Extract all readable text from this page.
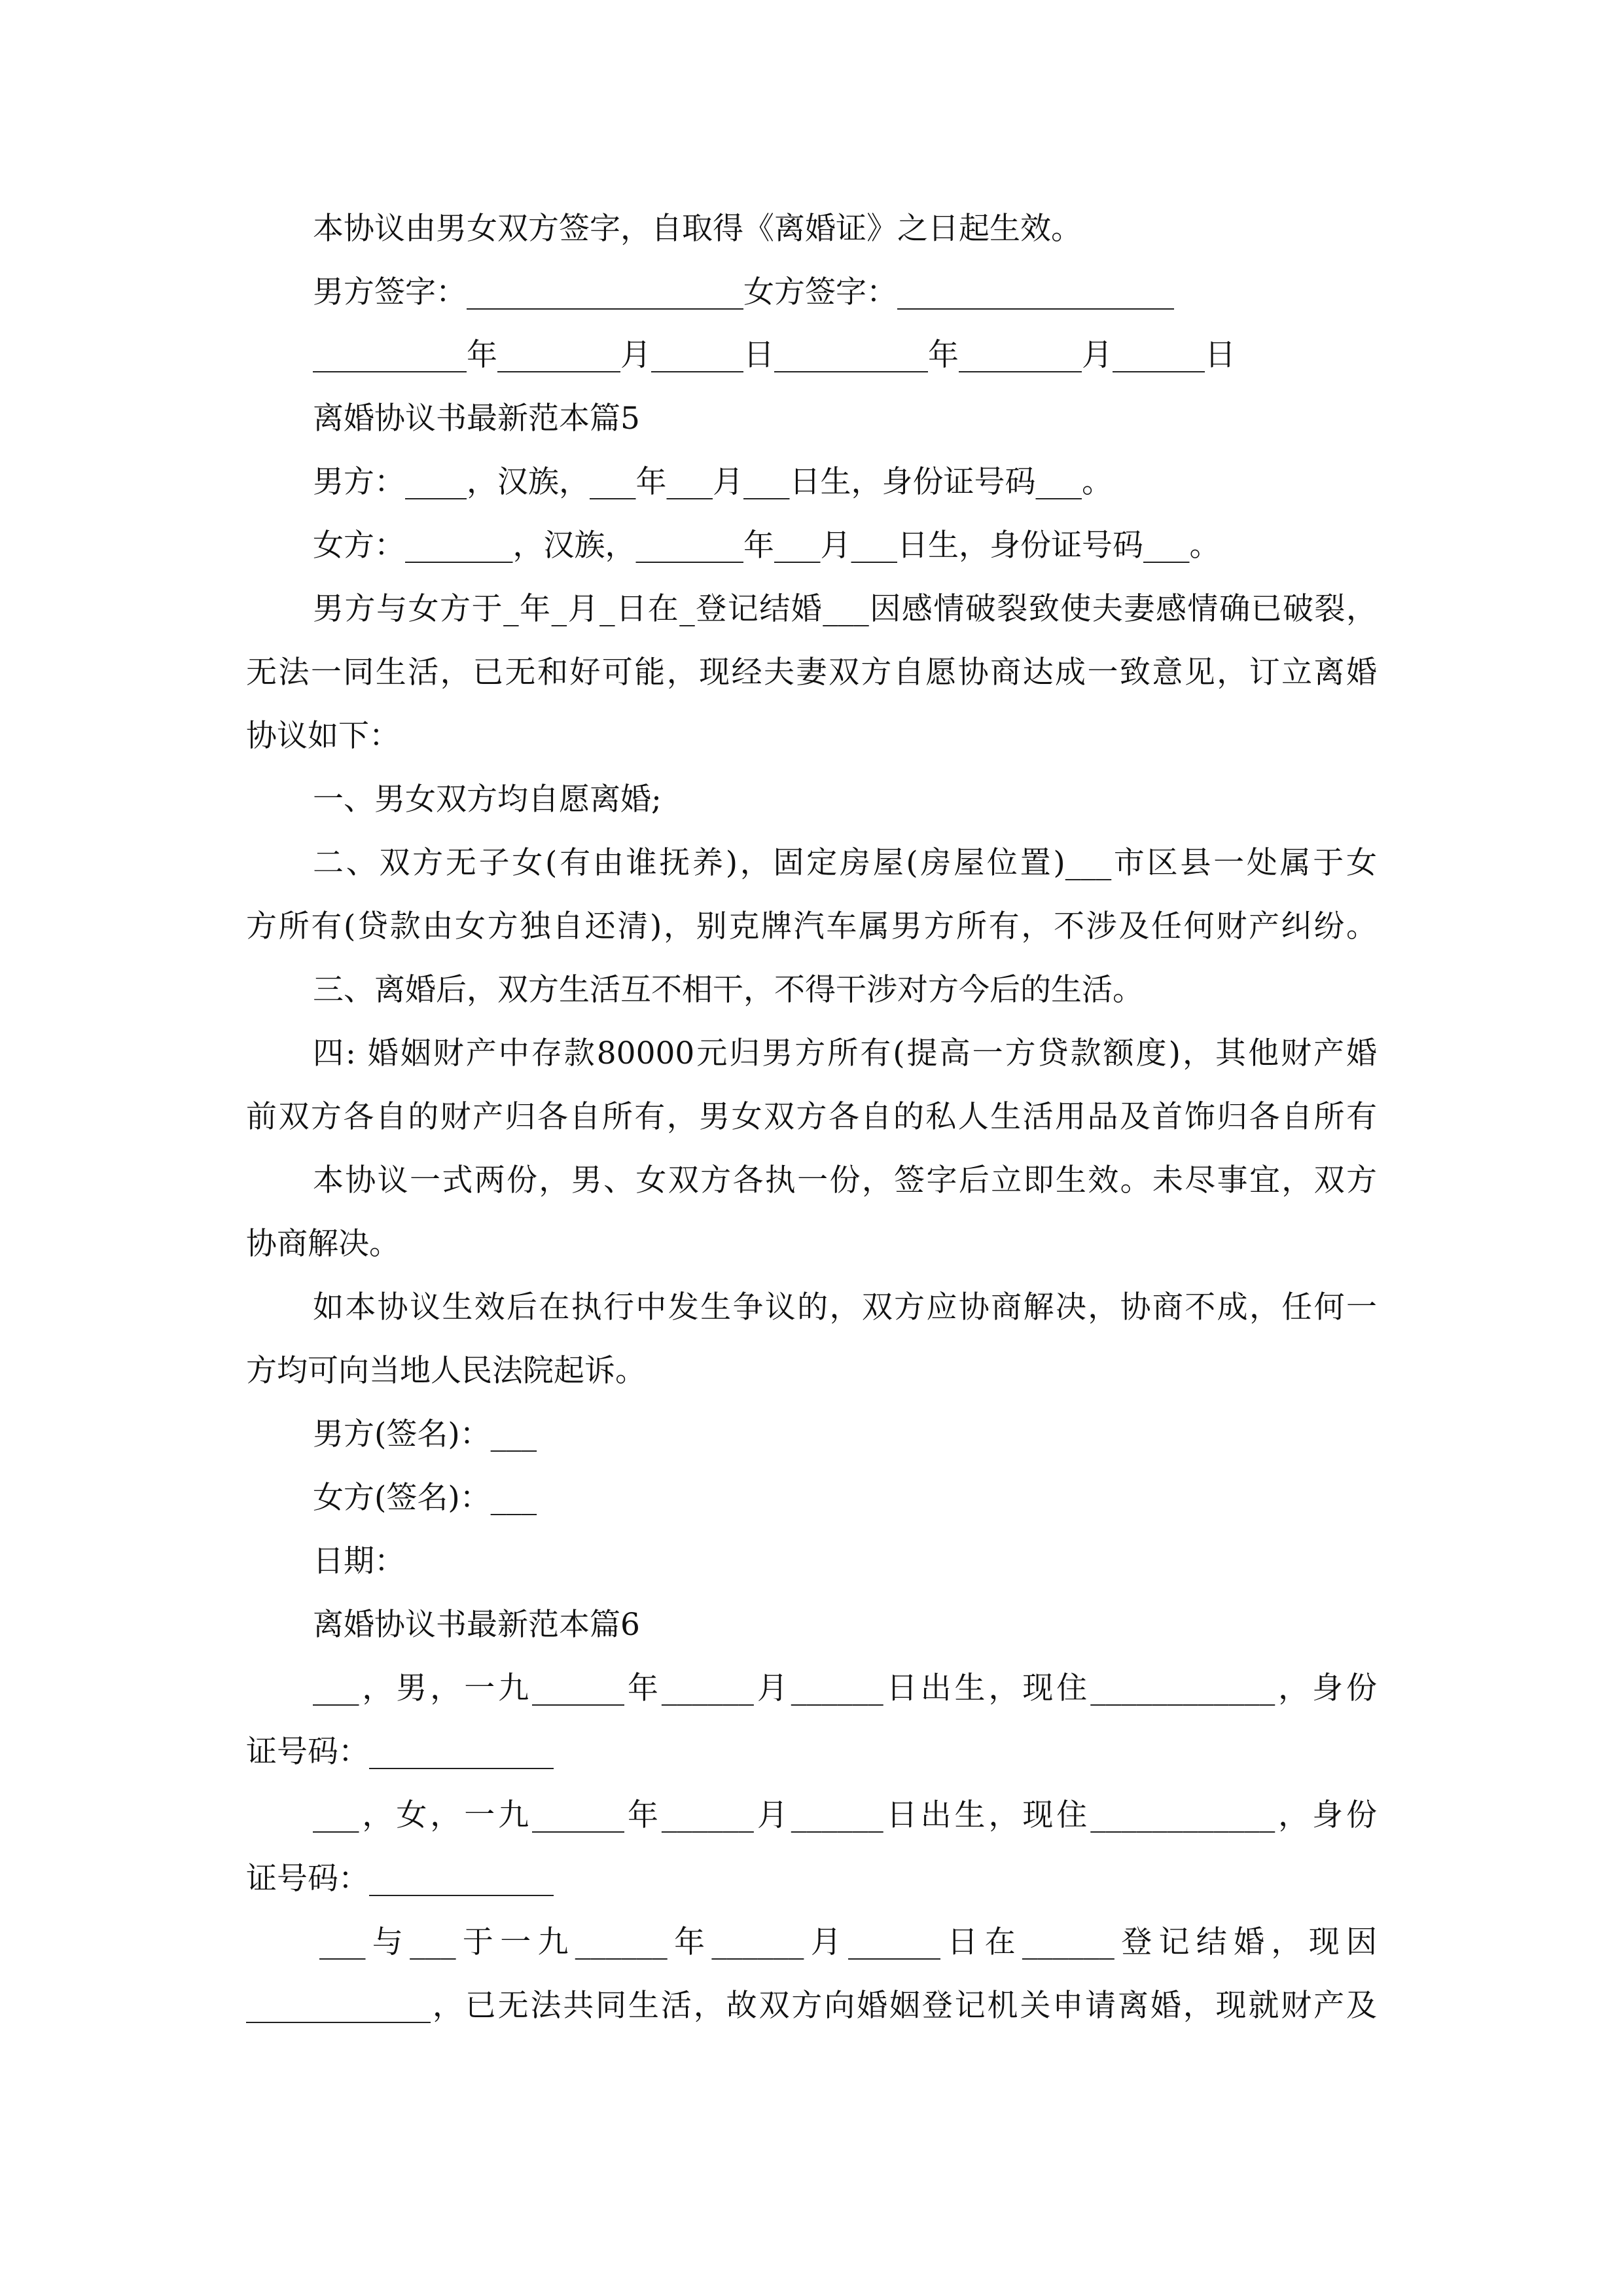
本协议由男女双方签字，自取得《离婚证》之日起生效。
男方签字：__________________女方签字：__________________
__________年________月______日__________年________月______日
离婚协议书最新范本篇5
男方：____，汉族，___年___月___日生，身份证号码___。
女方：_______，汉族，_______年___月___日生，身份证号码___。
男方与女方于_年_月_日在_登记结婚___因感情破裂致使夫妻感情确已破裂，
无法一同生活，已无和好可能，现经夫妻双方自愿协商达成一致意见，订立离婚
协议如下：
一、男女双方均自愿离婚;
二、双方无子女(有由谁抚养)，固定房屋(房屋位置)___市区县一处属于女
方所有(贷款由女方独自还清)，别克牌汽车属男方所有，不涉及任何财产纠纷。
三、离婚后，双方生活互不相干，不得干涉对方今后的生活。
四: 婚姻财产中存款80000元归男方所有(提高一方贷款额度)，其他财产婚
前双方各自的财产归各自所有，男女双方各自的私人生活用品及首饰归各自所有
本协议一式两份，男、女双方各执一份，签字后立即生效。未尽事宜，双方
协商解决。
如本协议生效后在执行中发生争议的，双方应协商解决，协商不成，任何一
方均可向当地人民法院起诉。
男方(签名)：___
女方(签名)：___
日期：
离婚协议书最新范本篇6
___，男，一九______年______月______日出生，现住____________，身份
证号码：____________
___，女，一九______年______月______日出生，现住____________，身份
证号码：____________
___与___于一九______年______月______日在______登记结婚，现因
____________，已无法共同生活，故双方向婚姻登记机关申请离婚，现就财产及
